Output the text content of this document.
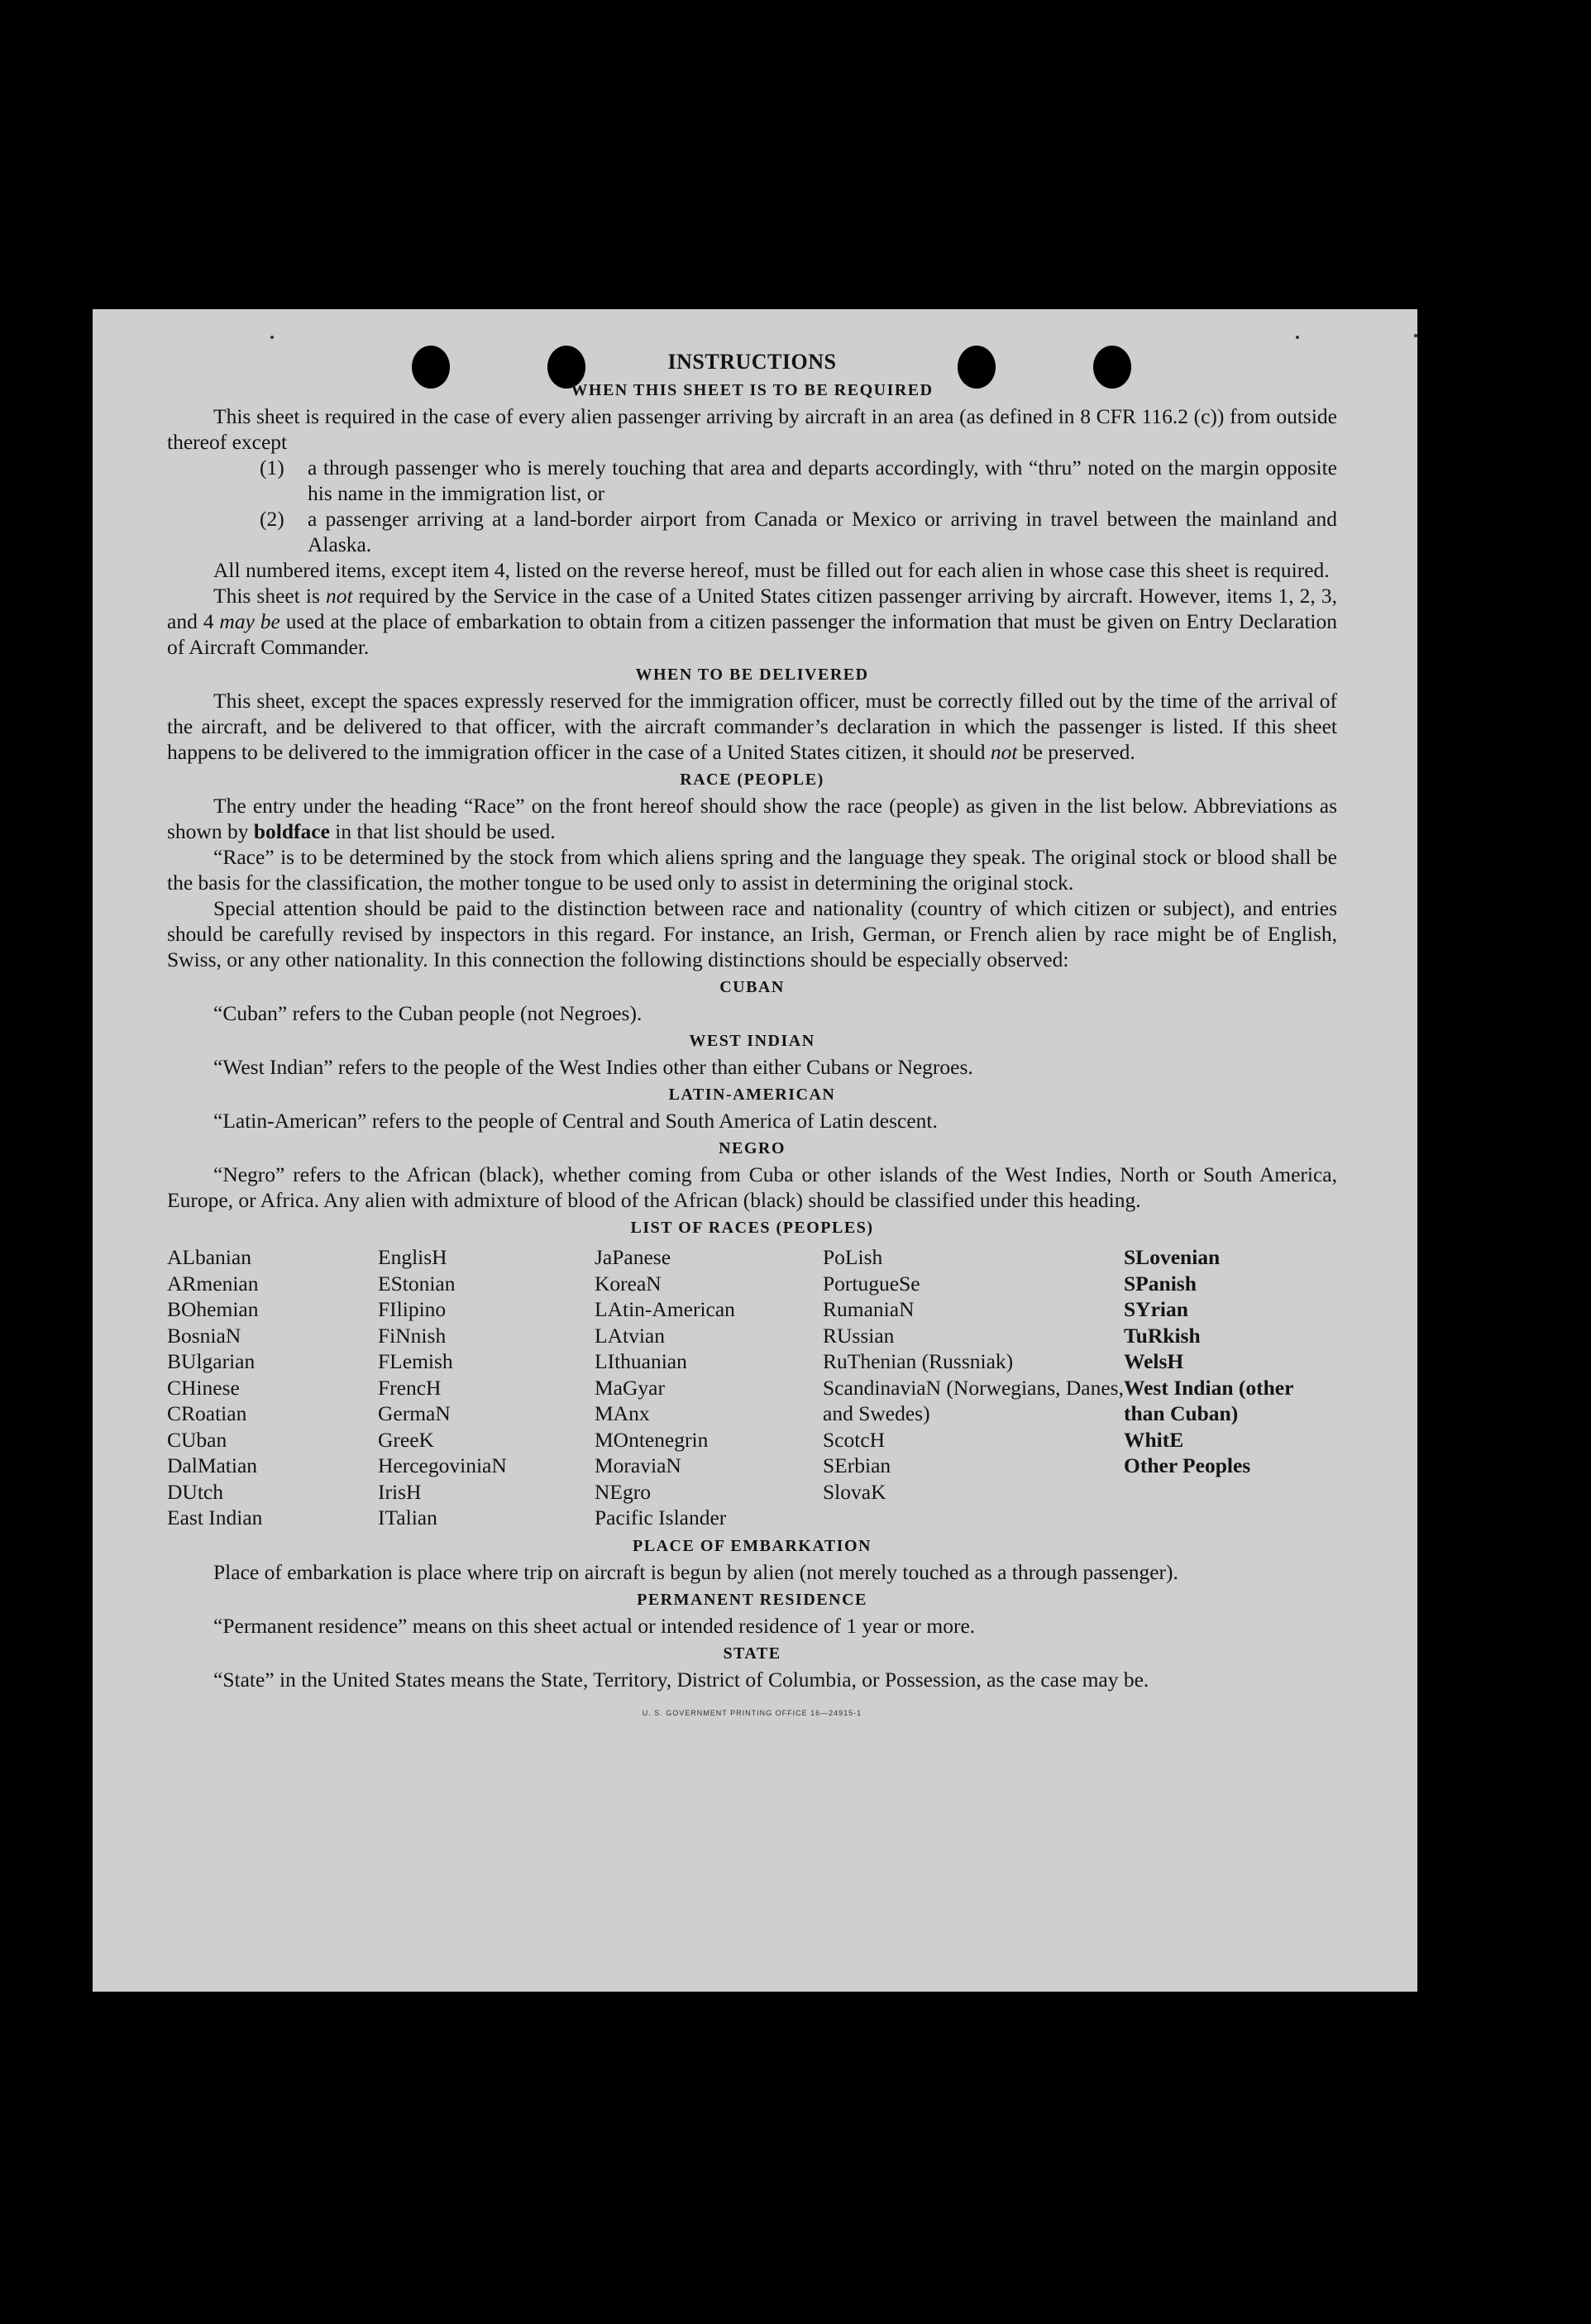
INSTRUCTIONS
WHEN THIS SHEET IS TO BE REQUIRED

This sheet is required in the case of every alien passenger arriving by aircraft in an area (as defined in 8 CFR 116.2 (c)) from outside thereof except

(1)	a through passenger who is merely touching that area and departs accordingly, with “thru” noted on the margin opposite his name in the immigration list, or
(2)	a passenger arriving at a land-border airport from Canada or Mexico or arriving in travel between the mainland and Alaska.

All numbered items, except item 4, listed on the reverse hereof, must be filled out for each alien in whose case this sheet is required.

This sheet is not required by the Service in the case of a United States citizen passenger arriving by aircraft. However, items 1, 2, 3, and 4 may be used at the place of embarkation to obtain from a citizen passenger the information that must be given on Entry Declaration of Aircraft Commander.

WHEN TO BE DELIVERED

This sheet, except the spaces expressly reserved for the immigration officer, must be correctly filled out by the time of the arrival of the aircraft, and be delivered to that officer, with the aircraft commander’s declaration in which the passenger is listed. If this sheet happens to be delivered to the immigration officer in the case of a United States citizen, it should not be preserved.

RACE (PEOPLE)

The entry under the heading “Race” on the front hereof should show the race (people) as given in the list below. Abbreviations as shown by boldface in that list should be used.

“Race” is to be determined by the stock from which aliens spring and the language they speak. The original stock or blood shall be the basis for the classification, the mother tongue to be used only to assist in determining the original stock.

Special attention should be paid to the distinction between race and nationality (country of which citizen or subject), and entries should be carefully revised by inspectors in this regard. For instance, an Irish, German, or French alien by race might be of English, Swiss, or any other nationality. In this connection the following distinctions should be especially observed:

CUBAN

“Cuban” refers to the Cuban people (not Negroes).

WEST INDIAN

“West Indian” refers to the people of the West Indies other than either Cubans or Negroes.

LATIN-AMERICAN

“Latin-American” refers to the people of Central and South America of Latin descent.

NEGRO

“Negro” refers to the African (black), whether coming from Cuba or other islands of the West Indies, North or South America, Europe, or Africa. Any alien with admixture of blood of the African (black) should be classified under this heading.

LIST OF RACES (PEOPLES)
ALbanian
ARmenian
BOhemian
BosniaN
BUlgarian
CHinese
CRoatian
CUban
DalMatian
DUtch
East Indian
EnglisH
EStonian
FIlipino
FiNnish
FLemish
FrencH
GermaN
GreeK
HercegoviniaN
IrisH
ITalian
JaPanese
KoreaN
LAtin-American
LAtvian
LIthuanian
MaGyar
MAnx
MOntenegrin
MoraviaN
NEgro
Pacific Islander
PoLish
PortugueSe
RumaniaN
RUssian
RuThenian (Russniak)
ScandinaviaN (Norwegians, Danes, and Swedes)
ScotcH
SErbian
SlovaK
SLovenian
SPanish
SYrian
TuRkish
WelsH
West Indian (other than Cuban)
WhitE
Other Peoples
PLACE OF EMBARKATION

Place of embarkation is place where trip on aircraft is begun by alien (not merely touched as a through passenger).

PERMANENT RESIDENCE

“Permanent residence” means on this sheet actual or intended residence of 1 year or more.

STATE

“State” in the United States means the State, Territory, District of Columbia, or Possession, as the case may be.

U. S. GOVERNMENT PRINTING OFFICE 16—24915-1
